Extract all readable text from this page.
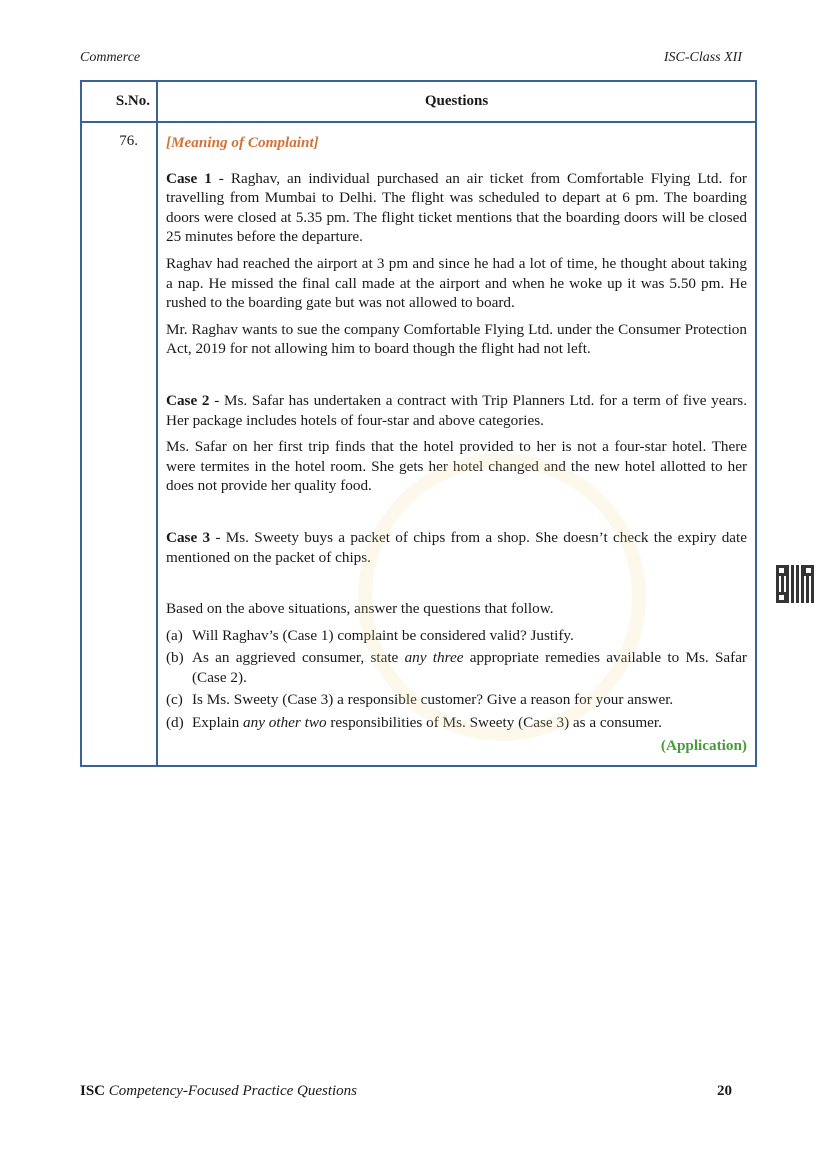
Commerce	ISC-Class XII
S.No.	Questions
76.	[Meaning of Complaint]

Case 1 - Raghav, an individual purchased an air ticket from Comfortable Flying Ltd. for travelling from Mumbai to Delhi. The flight was scheduled to depart at 6 pm. The boarding doors were closed at 5.35 pm. The flight ticket mentions that the boarding doors will be closed 25 minutes before the departure.

Raghav had reached the airport at 3 pm and since he had a lot of time, he thought about taking a nap. He missed the final call made at the airport and when he woke up it was 5.50 pm. He rushed to the boarding gate but was not allowed to board.

Mr. Raghav wants to sue the company Comfortable Flying Ltd. under the Consumer Protection Act, 2019 for not allowing him to board though the flight had not left.

Case 2 - Ms. Safar has undertaken a contract with Trip Planners Ltd. for a term of five years. Her package includes hotels of four-star and above categories.

Ms. Safar on her first trip finds that the hotel provided to her is not a four-star hotel. There were termites in the hotel room. She gets her hotel changed and the new hotel allotted to her does not provide her quality food.

Case 3 - Ms. Sweety buys a packet of chips from a shop. She doesn’t check the expiry date mentioned on the packet of chips.

Based on the above situations, answer the questions that follow.

(a) Will Raghav’s (Case 1) complaint be considered valid? Justify.
(b) As an aggrieved consumer, state any three appropriate remedies available to Ms. Safar (Case 2).
(c) Is Ms. Sweety (Case 3) a responsible customer? Give a reason for your answer.
(d) Explain any other two responsibilities of Ms. Sweety (Case 3) as a consumer.
(Application)
ISC Competency-Focused Practice Questions	20
